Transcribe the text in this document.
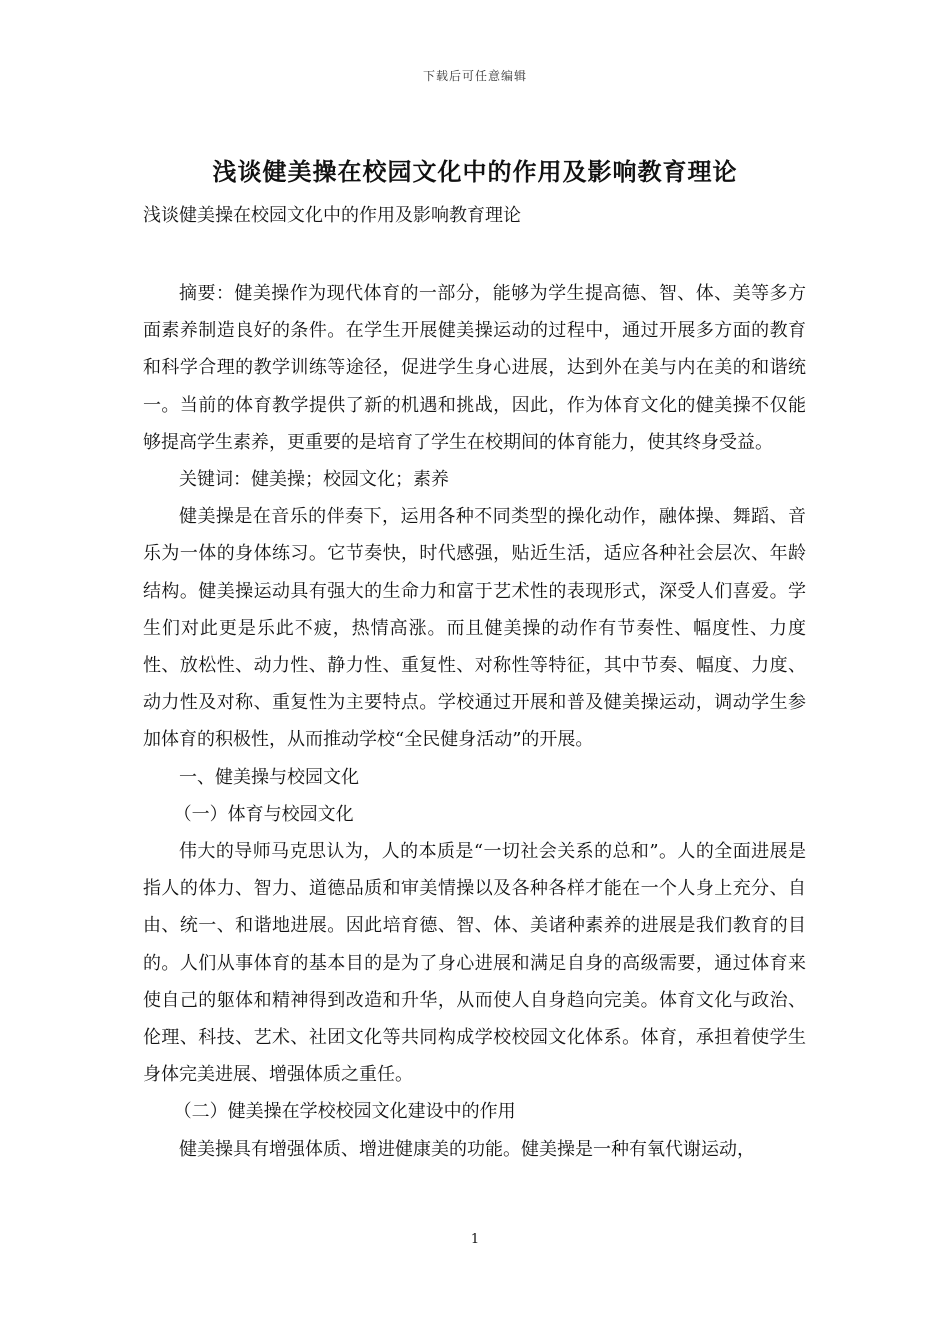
下载后可任意编辑
浅谈健美操在校园文化中的作用及影响教育理论

浅谈健美操在校园文化中的作用及影响教育理论

摘要：健美操作为现代体育的一部分，能够为学生提高德、智、体、美等多方面素养制造良好的条件。在学生开展健美操运动的过程中，通过开展多方面的教育和科学合理的教学训练等途径，促进学生身心进展，达到外在美与内在美的和谐统一。当前的体育教学提供了新的机遇和挑战，因此，作为体育文化的健美操不仅能够提高学生素养，更重要的是培育了学生在校期间的体育能力，使其终身受益。

关键词：健美操；校园文化；素养

健美操是在音乐的伴奏下，运用各种不同类型的操化动作，融体操、舞蹈、音乐为一体的身体练习。它节奏快，时代感强，贴近生活，适应各种社会层次、年龄结构。健美操运动具有强大的生命力和富于艺术性的表现形式，深受人们喜爱。学生们对此更是乐此不疲，热情高涨。而且健美操的动作有节奏性、幅度性、力度性、放松性、动力性、静力性、重复性、对称性等特征，其中节奏、幅度、力度、动力性及对称、重复性为主要特点。学校通过开展和普及健美操运动，调动学生参加体育的积极性，从而推动学校“全民健身活动”的开展。

一、健美操与校园文化

（一）体育与校园文化

伟大的导师马克思认为，人的本质是“一切社会关系的总和”。人的全面进展是指人的体力、智力、道德品质和审美情操以及各种各样才能在一个人身上充分、自由、统一、和谐地进展。因此培育德、智、体、美诸种素养的进展是我们教育的目的。人们从事体育的基本目的是为了身心进展和满足自身的高级需要，通过体育来使自己的躯体和精神得到改造和升华，从而使人自身趋向完美。体育文化与政治、伦理、科技、艺术、社团文化等共同构成学校校园文化体系。体育，承担着使学生身体完美进展、增强体质之重任。

（二）健美操在学校校园文化建设中的作用

健美操具有增强体质、增进健康美的功能。健美操是一种有氧代谢运动，

1
